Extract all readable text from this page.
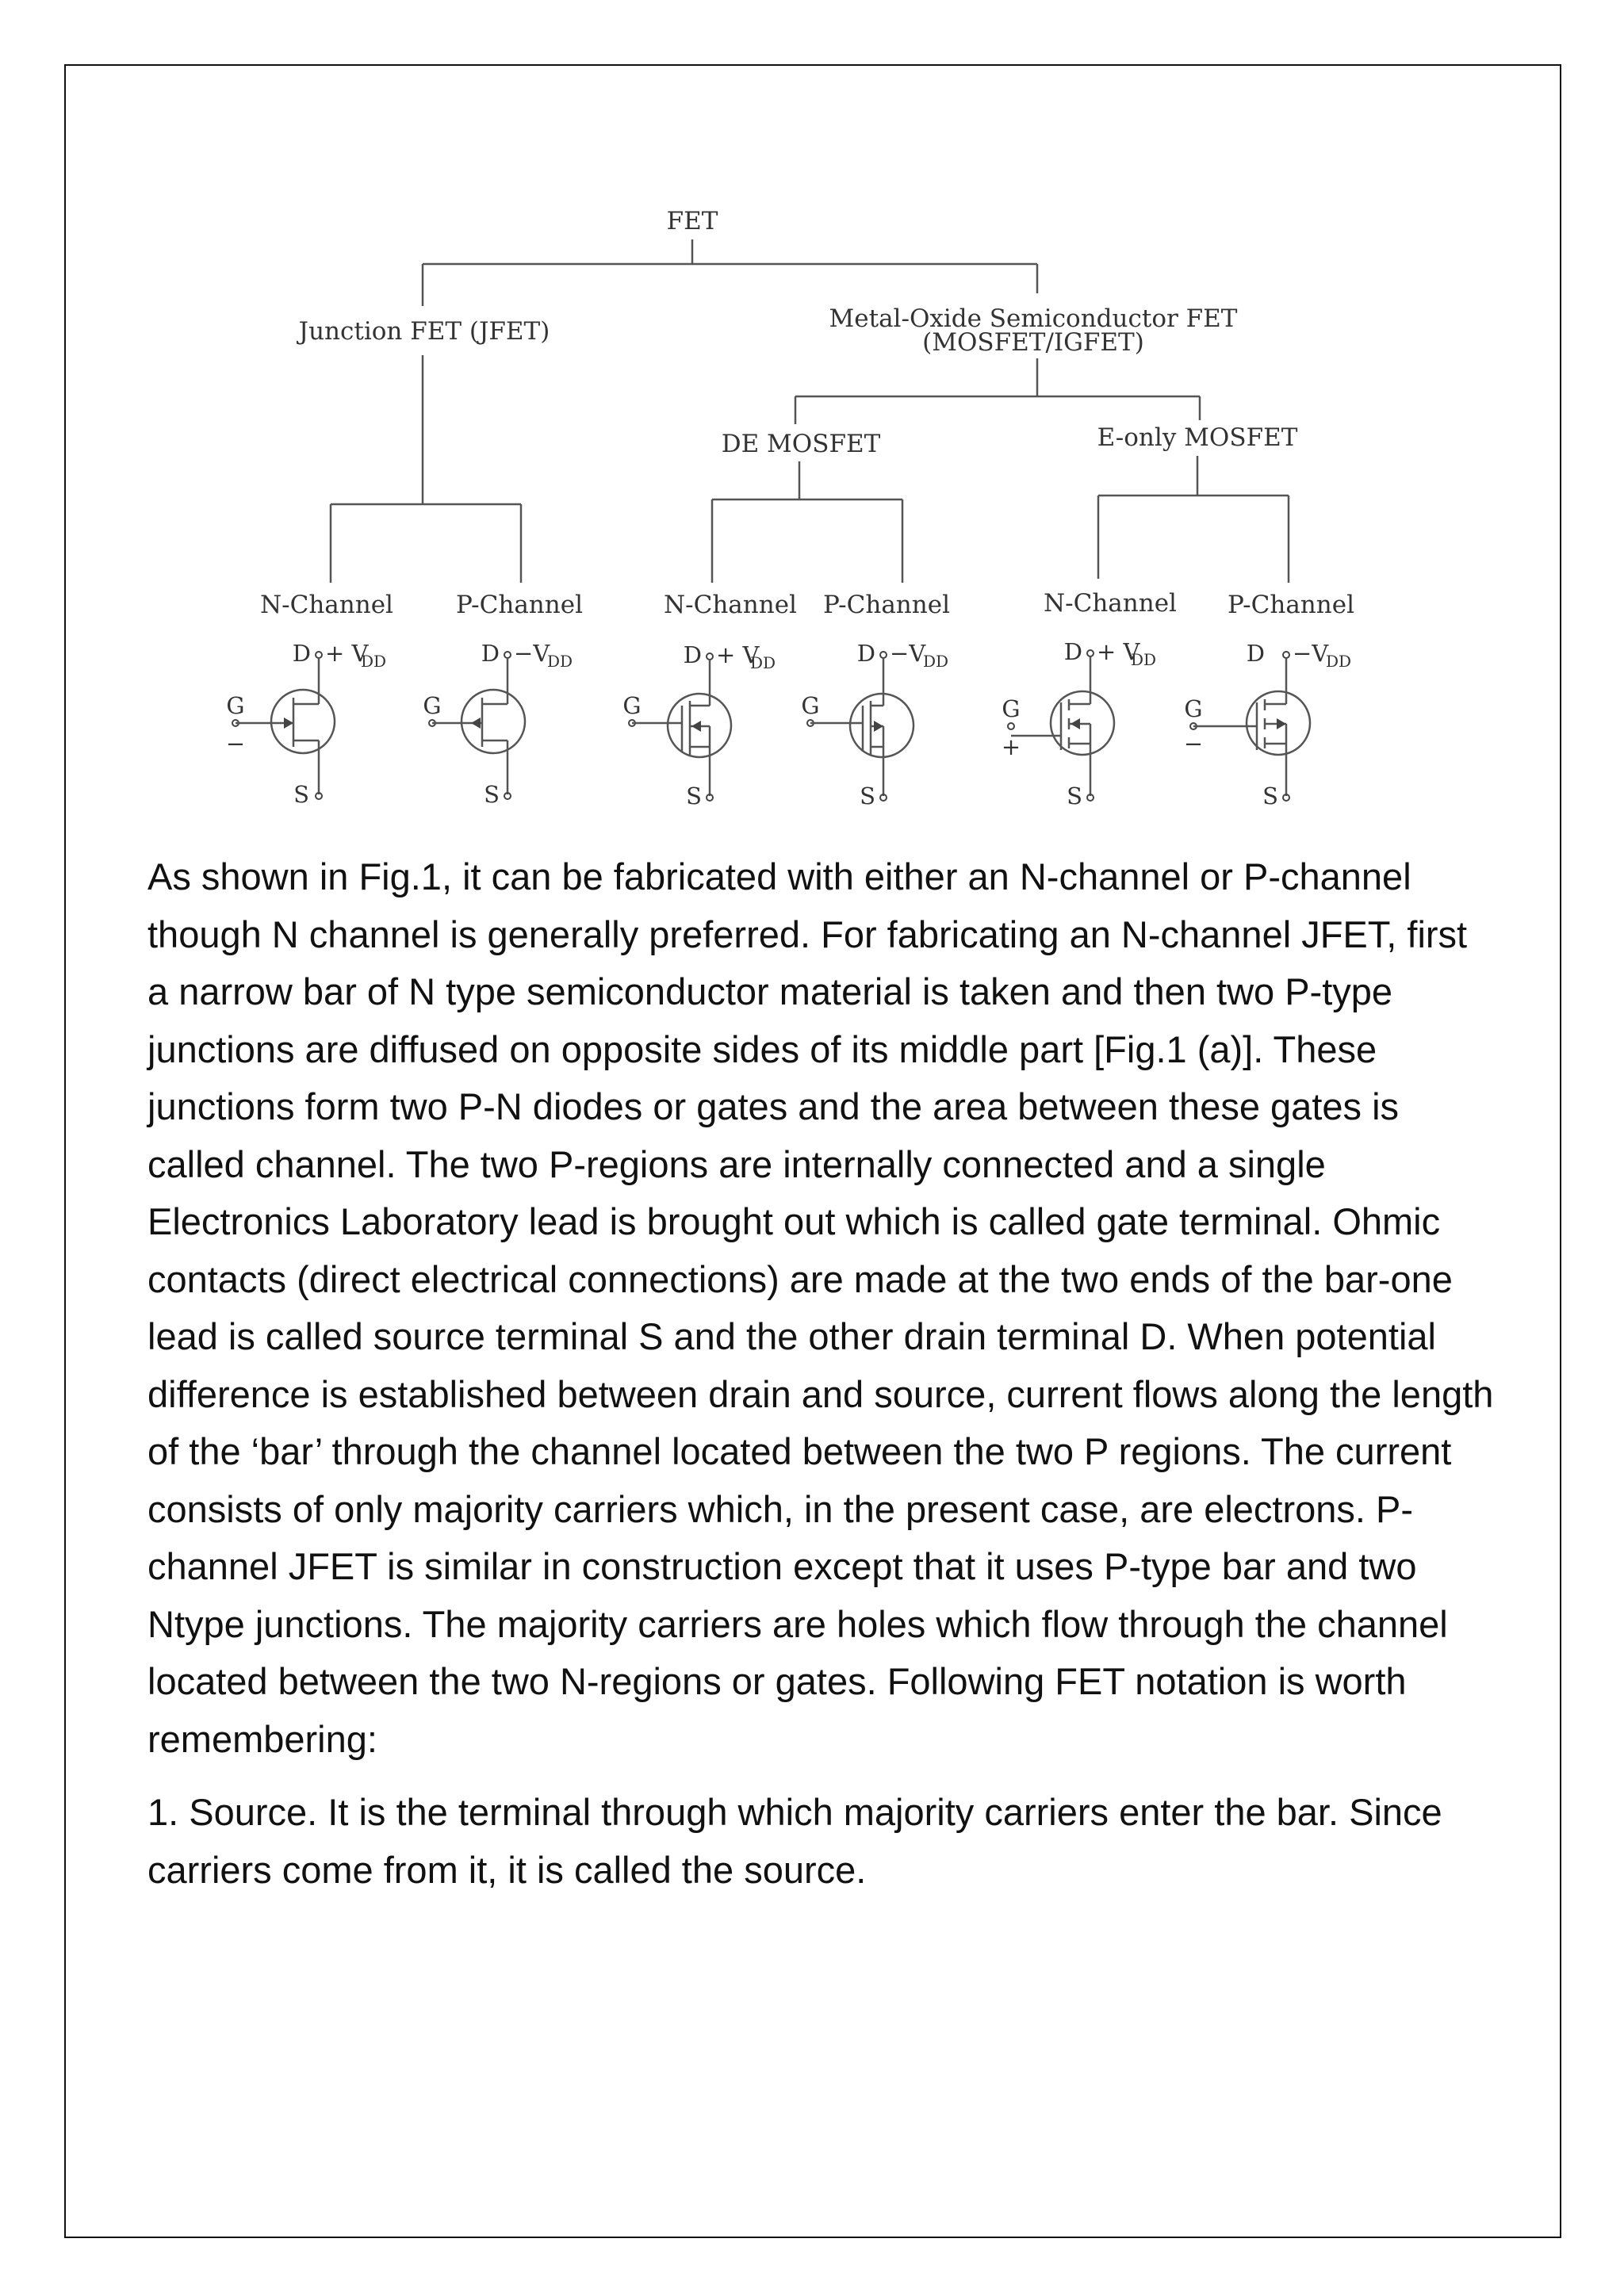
FET
Junction FET (JFET)	Metal-Oxide Semiconductor FET
(MOSFET/IGFET)
DE MOSFET	E-only MOSFET
N-Channel	P-Channel	N-Channel P-Channel	N-Channel P-Channel
D + V
DD
G
−
S
D −V
DD
G
S
D + V
DD
G
S
D −V
DD
G
S
D + V
DD
G
+
S
D −V
DD
G
−
S

As shown in Fig.1, it can be fabricated with either an N-channel or P-channel though N channel is generally preferred. For fabricating an N-channel JFET, first a narrow bar of N type semiconductor material is taken and then two P-type junctions are diffused on opposite sides of its middle part [Fig.1 (a)]. These junctions form two P-N diodes or gates and the area between these gates is called channel. The two P-regions are internally connected and a single Electronics Laboratory lead is brought out which is called gate terminal. Ohmic contacts (direct electrical connections) are made at the two ends of the bar-one lead is called source terminal S and the other drain terminal D. When potential difference is established between drain and source, current flows along the length of the ‘bar’ through the channel located between the two P regions. The current consists of only majority carriers which, in the present case, are electrons. P-channel JFET is similar in construction except that it uses P-type bar and two Ntype junctions. The majority carriers are holes which flow through the channel located between the two N-regions or gates. Following FET notation is worth remembering:

1. Source. It is the terminal through which majority carriers enter the bar. Since carriers come from it, it is called the source.
